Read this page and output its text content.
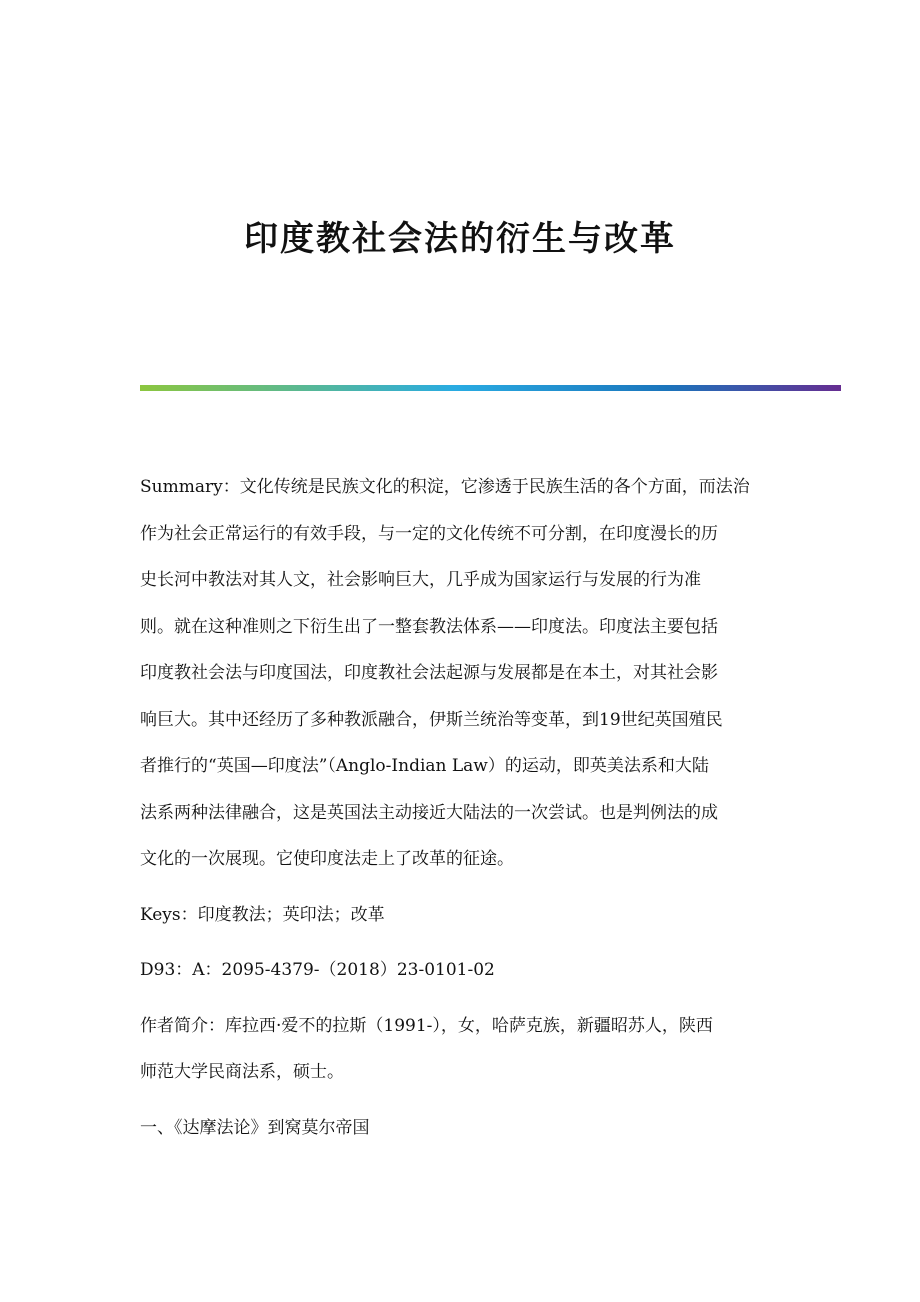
印度教社会法的衍生与改革
Summary：文化传统是民族文化的积淀，它渗透于民族生活的各个方面，而法治
作为社会正常运行的有效手段，与一定的文化传统不可分割，在印度漫长的历
史长河中教法对其人文，社会影响巨大，几乎成为国家运行与发展的行为准
则。就在这种准则之下衍生出了一整套教法体系——印度法。印度法主要包括
印度教社会法与印度国法，印度教社会法起源与发展都是在本土，对其社会影
响巨大。其中还经历了多种教派融合，伊斯兰统治等变革，到19世纪英国殖民
者推行的“英国—印度法”（Anglo-Indian Law）的运动，即英美法系和大陆
法系两种法律融合，这是英国法主动接近大陆法的一次尝试。也是判例法的成
文化的一次展现。它使印度法走上了改革的征途。
Keys：印度教法；英印法；改革
D93：A：2095-4379-（2018）23-0101-02
作者简介：库拉西·爱不的拉斯（1991-），女，哈萨克族，新疆昭苏人，陕西
师范大学民商法系，硕士。
一、《达摩法论》到窝莫尔帝国
